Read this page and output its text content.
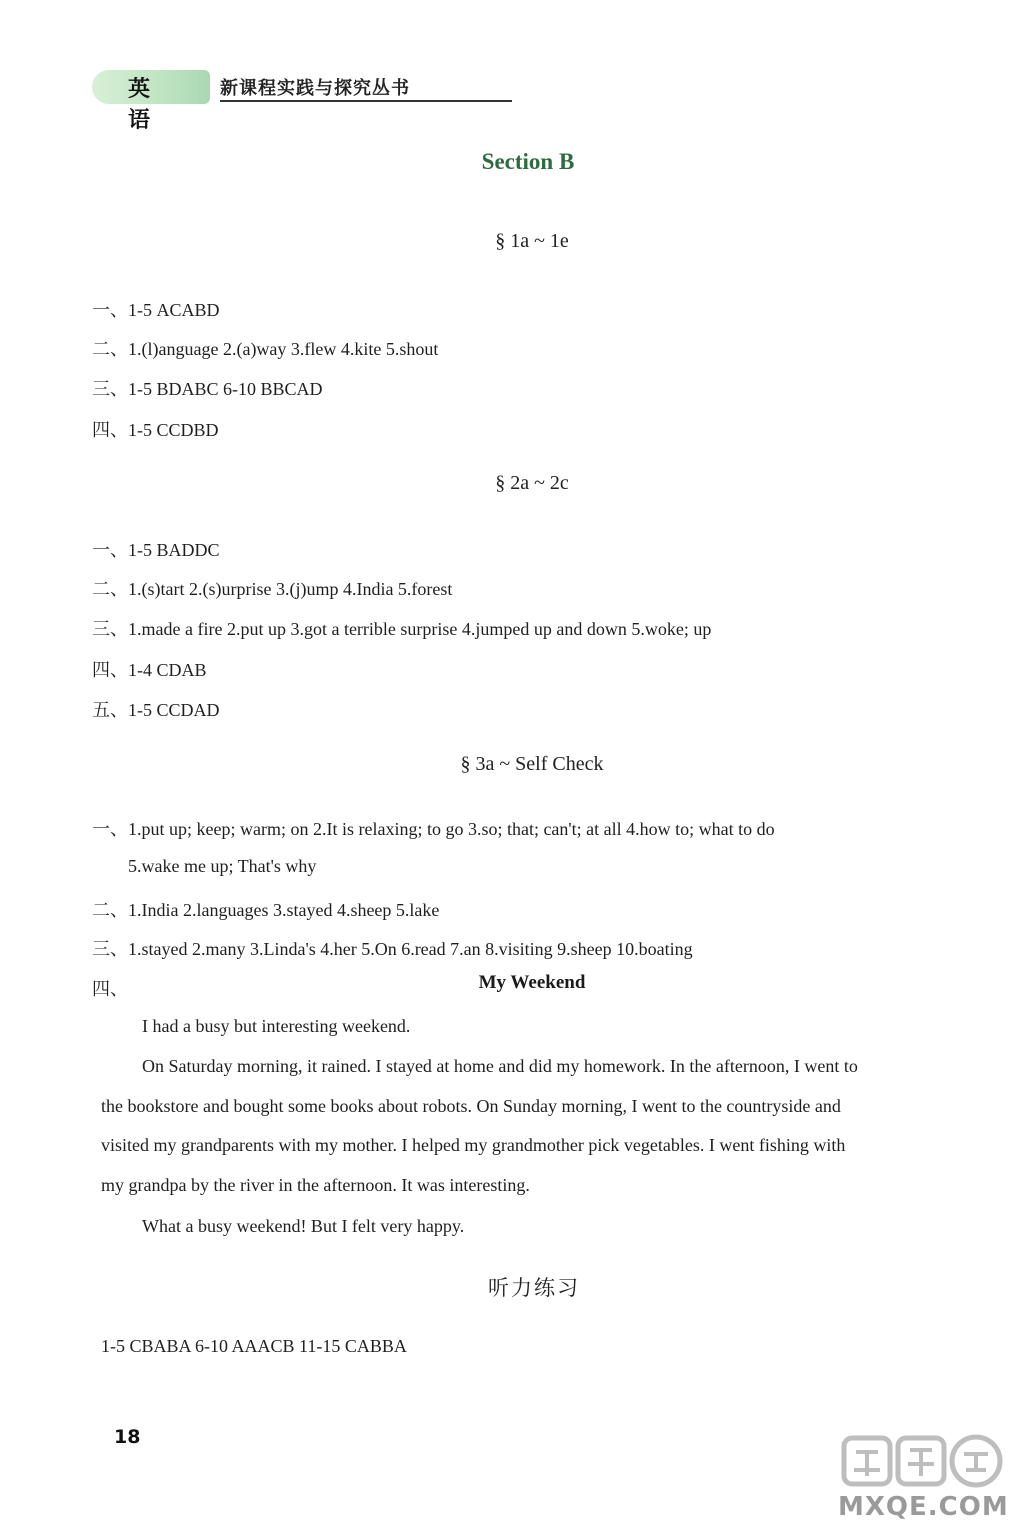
英语
新课程实践与探究丛书
Section B
§ 1a ~ 1e
一、1-5 ACABD
二、1.(l)anguage 2.(a)way 3.flew 4.kite 5.shout
三、1-5 BDABC 6-10 BBCAD
四、1-5 CCDBD
§ 2a ~ 2c
一、1-5 BADDC
二、1.(s)tart 2.(s)urprise 3.(j)ump 4.India 5.forest
三、1.made a fire 2.put up 3.got a terrible surprise 4.jumped up and down 5.woke; up
四、1-4 CDAB
五、1-5 CCDAD
§ 3a ~ Self Check
一、1.put up; keep; warm; on 2.It is relaxing; to go 3.so; that; can't; at all 4.how to; what to do
5.wake me up; That's why
二、1.India 2.languages 3.stayed 4.sheep 5.lake
三、1.stayed 2.many 3.Linda's 4.her 5.On 6.read 7.an 8.visiting 9.sheep 10.boating
四、	My Weekend
I had a busy but interesting weekend.
On Saturday morning, it rained. I stayed at home and did my homework. In the afternoon, I went to
the bookstore and bought some books about robots. On Sunday morning, I went to the countryside and
visited my grandparents with my mother. I helped my grandmother pick vegetables. I went fishing with
my grandpa by the river in the afternoon. It was interesting.
What a busy weekend! But I felt very happy.
听力练习
1-5 CBABA 6-10 AAACB 11-15 CABBA
18
MXQE.COM
